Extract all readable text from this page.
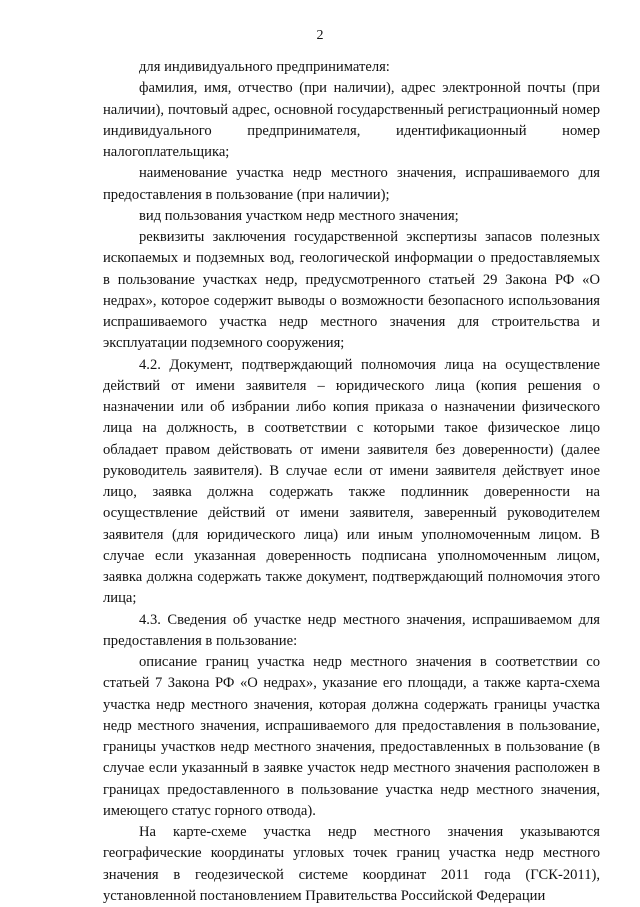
2

для индивидуального предпринимателя:

фамилия, имя, отчество (при наличии), адрес электронной почты (при наличии), почтовый адрес, основной государственный регистрационный номер индивидуального предпринимателя, идентификационный номер налогоплательщика;

наименование участка недр местного значения, испрашиваемого для предоставления в пользование (при наличии);

вид пользования участком недр местного значения;

реквизиты заключения государственной экспертизы запасов полезных ископаемых и подземных вод, геологической информации о предоставляемых в пользование участках недр, предусмотренного статьей 29 Закона РФ «О недрах», которое содержит выводы о возможности безопасного использования испрашиваемого участка недр местного значения для строительства и эксплуатации подземного сооружения;

4.2. Документ, подтверждающий полномочия лица на осуществление действий от имени заявителя – юридического лица (копия решения о назначении или об избрании либо копия приказа о назначении физического лица на должность, в соответствии с которыми такое физическое лицо обладает правом действовать от имени заявителя без доверенности) (далее руководитель заявителя). В случае если от имени заявителя действует иное лицо, заявка должна содержать также подлинник доверенности на осуществление действий от имени заявителя, заверенный руководителем заявителя (для юридического лица) или иным уполномоченным лицом. В случае если указанная доверенность подписана уполномоченным лицом, заявка должна содержать также документ, подтверждающий полномочия этого лица;

4.3. Сведения об участке недр местного значения, испрашиваемом для предоставления в пользование:

описание границ участка недр местного значения в соответствии со статьей 7 Закона РФ «О недрах», указание его площади, а также карта-схема участка недр местного значения, которая должна содержать границы участка недр местного значения, испрашиваемого для предоставления в пользование, границы участков недр местного значения, предоставленных в пользование (в случае если указанный в заявке участок недр местного значения расположен в границах предоставленного в пользование участка недр местного значения, имеющего статус горного отвода).

На карте-схеме участка недр местного значения указываются географические координаты угловых точек границ участка недр местного значения в геодезической системе координат 2011 года (ГСК-2011), установленной постановлением Правительства Российской Федерации
